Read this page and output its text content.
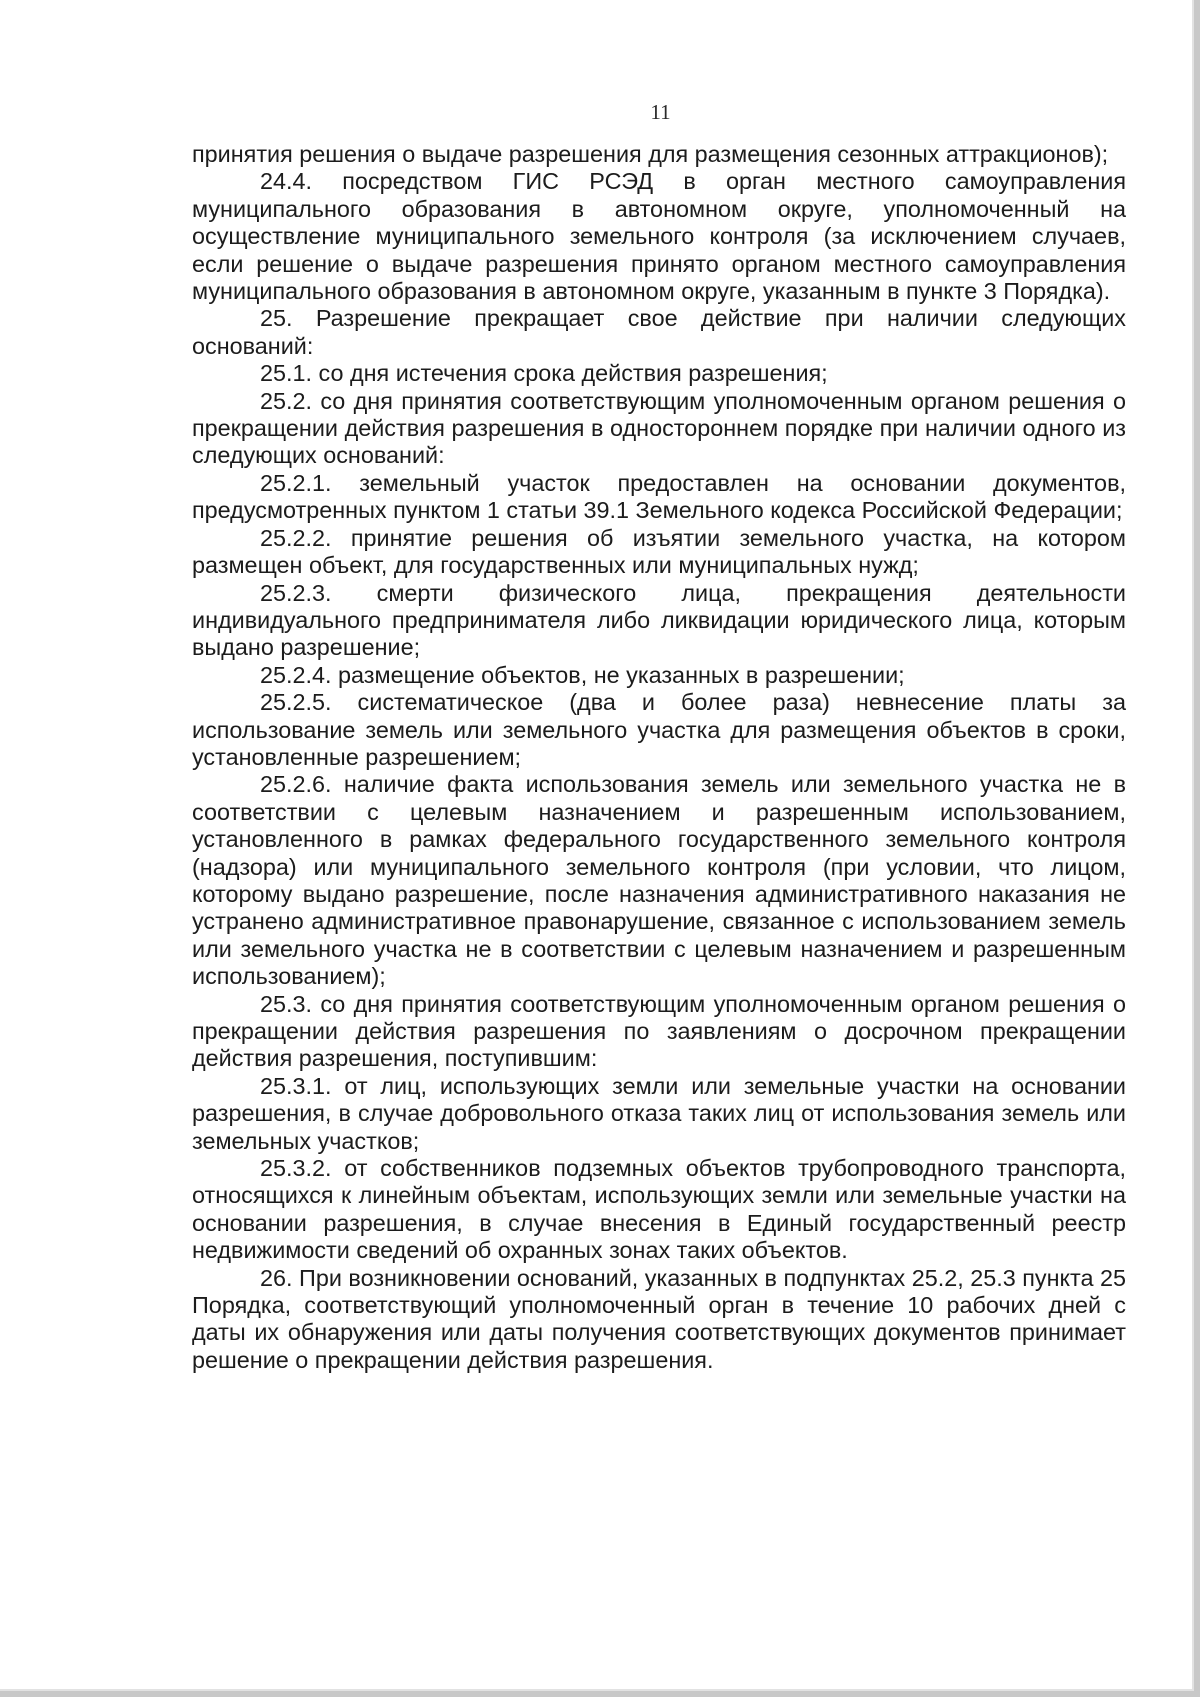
11

принятия решения о выдаче разрешения для размещения сезонных аттракционов);

24.4. посредством ГИС РСЭД в орган местного самоуправления муниципального образования в автономном округе, уполномоченный на осуществление муниципального земельного контроля (за исключением случаев, если решение о выдаче разрешения принято органом местного самоуправления муниципального образования в автономном округе, указанным в пункте 3 Порядка).

25. Разрешение прекращает свое действие при наличии следующих оснований:

25.1. со дня истечения срока действия разрешения;

25.2. со дня принятия соответствующим уполномоченным органом решения о прекращении действия разрешения в одностороннем порядке при наличии одного из следующих оснований:

25.2.1. земельный участок предоставлен на основании документов, предусмотренных пунктом 1 статьи 39.1 Земельного кодекса Российской Федерации;

25.2.2. принятие решения об изъятии земельного участка, на котором размещен объект, для государственных или муниципальных нужд;

25.2.3. смерти физического лица, прекращения деятельности индивидуального предпринимателя либо ликвидации юридического лица, которым выдано разрешение;

25.2.4. размещение объектов, не указанных в разрешении;

25.2.5. систематическое (два и более раза) невнесение платы за использование земель или земельного участка для размещения объектов в сроки, установленные разрешением;

25.2.6. наличие факта использования земель или земельного участка не в соответствии с целевым назначением и разрешенным использованием, установленного в рамках федерального государственного земельного контроля (надзора) или муниципального земельного контроля (при условии, что лицом, которому выдано разрешение, после назначения административного наказания не устранено административное правонарушение, связанное с использованием земель или земельного участка не в соответствии с целевым назначением и разрешенным использованием);

25.3. со дня принятия соответствующим уполномоченным органом решения о прекращении действия разрешения по заявлениям о досрочном прекращении действия разрешения, поступившим:

25.3.1. от лиц, использующих земли или земельные участки на основании разрешения, в случае добровольного отказа таких лиц от использования земель или земельных участков;

25.3.2. от собственников подземных объектов трубопроводного транспорта, относящихся к линейным объектам, использующих земли или земельные участки на основании разрешения, в случае внесения в Единый государственный реестр недвижимости сведений об охранных зонах таких объектов.

26. При возникновении оснований, указанных в подпунктах 25.2, 25.3 пункта 25 Порядка, соответствующий уполномоченный орган в течение 10 рабочих дней с даты их обнаружения или даты получения соответствующих документов принимает решение о прекращении действия разрешения.
